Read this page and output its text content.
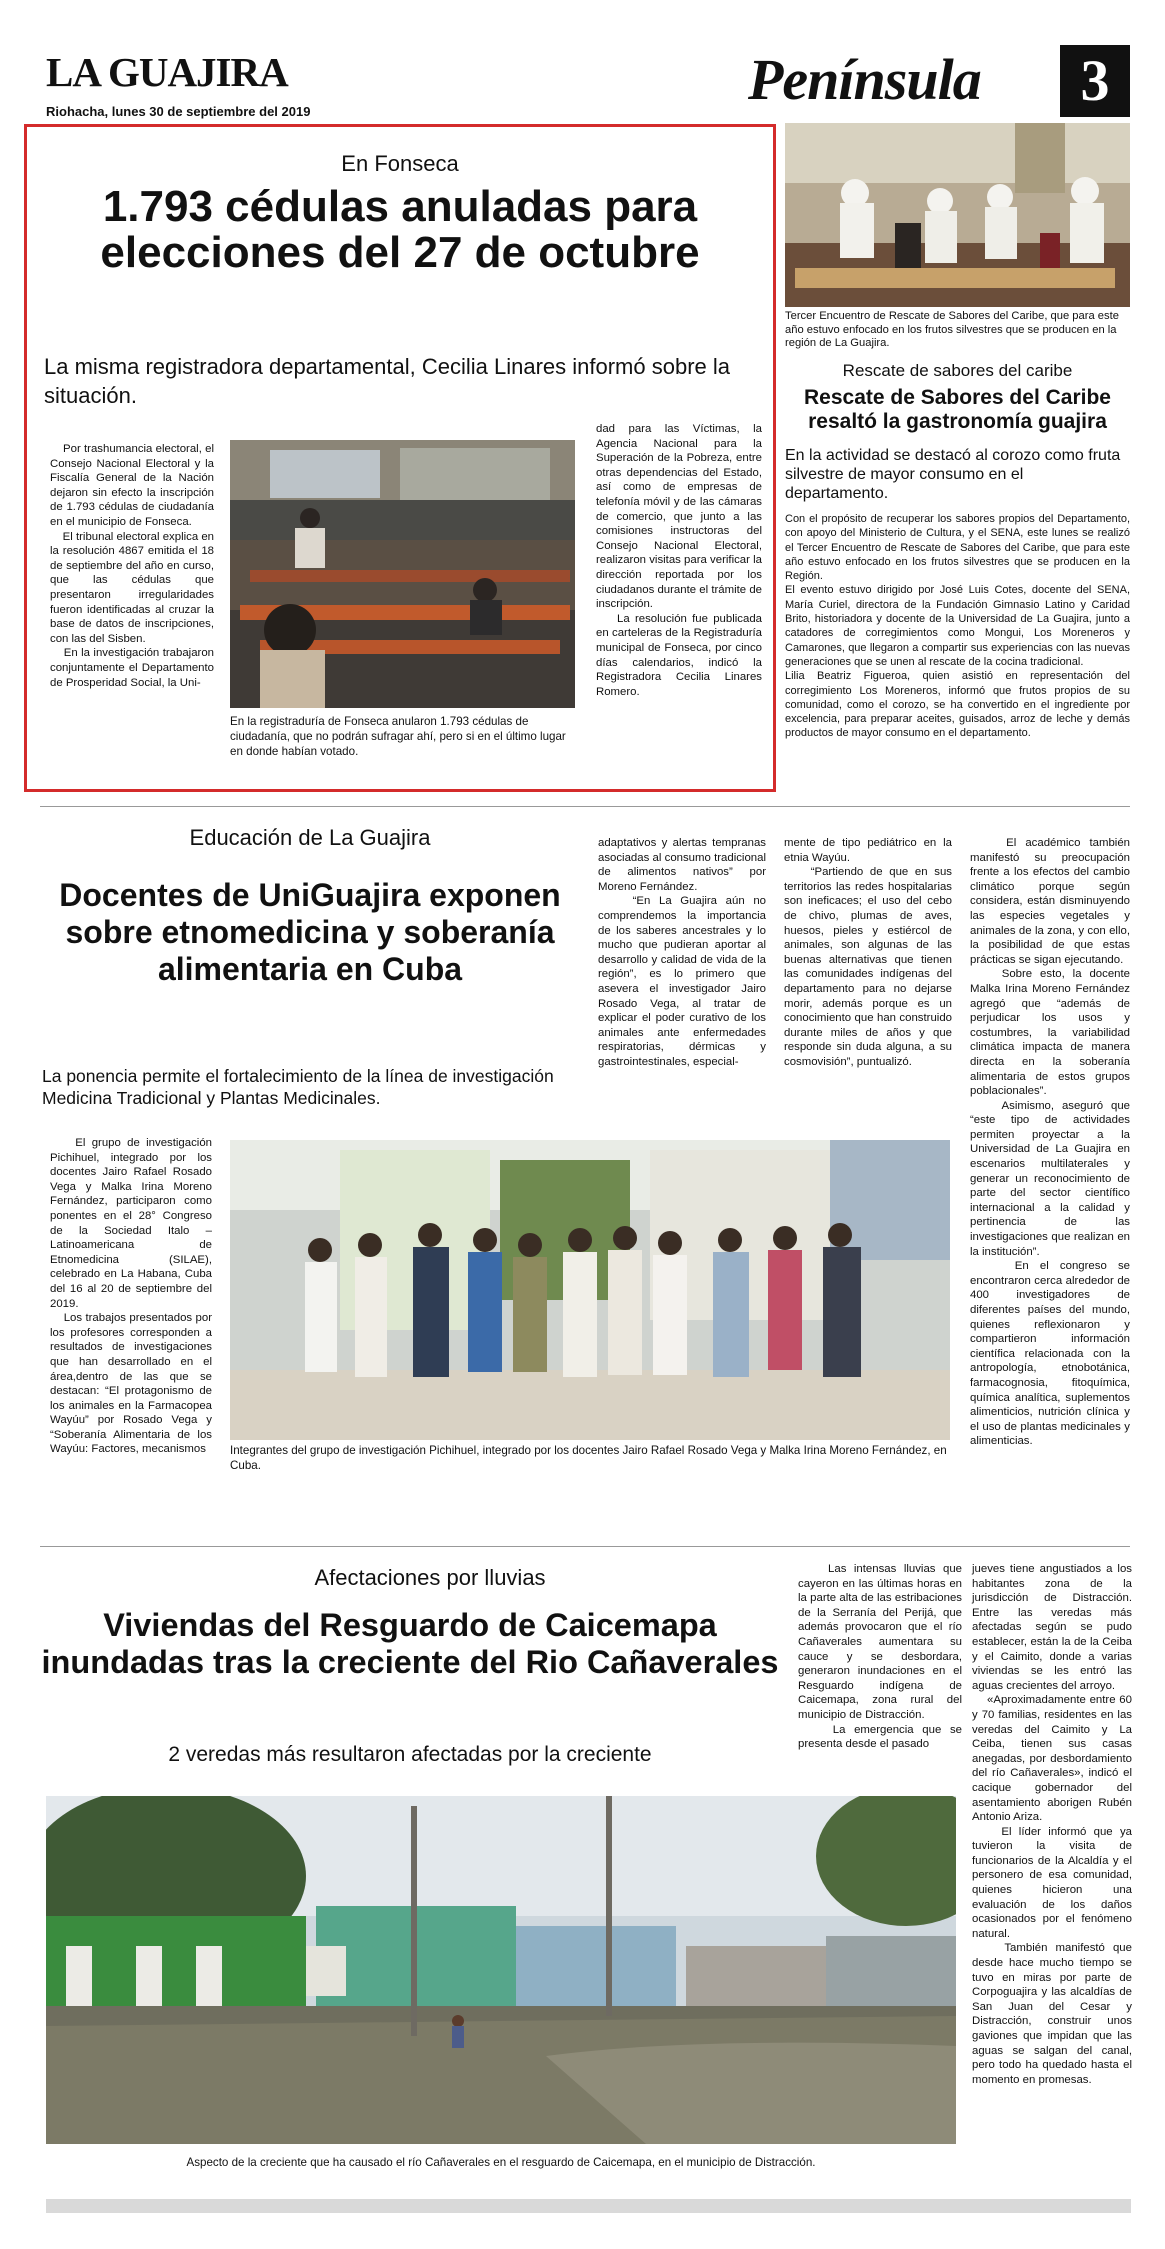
LA GUAJIRA
Riohacha, lunes 30 de septiembre del 2019	Península	3
En Fonseca
1.793 cédulas anuladas para elecciones del 27 de octubre
La misma registradora departamental, Cecilia Linares informó sobre la situación.
Por trashumancia electoral, el Consejo Nacional Electoral y la Fiscalía General de la Nación dejaron sin efecto la inscripción de 1.793 cédulas de ciudadanía en el municipio de Fonseca.
El tribunal electoral explica en la resolución 4867 emitida el 18 de septiembre del año en curso, que las cédulas que presentaron irregularidades fueron identificadas al cruzar la base de datos de inscripciones, con las del Sisben.
En la investigación trabajaron conjuntamente el Departamento de Prosperidad Social, la Uni-
En la registraduría de Fonseca anularon 1.793 cédulas de ciudadanía, que no podrán sufragar ahí, pero si en el último lugar en donde habían votado.
dad para las Víctimas, la Agencia Nacional para la Superación de la Pobreza, entre otras dependencias del Estado, así como de empresas de telefonía móvil y de las cámaras de comercio, que junto a las comisiones instructoras del Consejo Nacional Electoral, realizaron visitas para verificar la dirección reportada por los ciudadanos durante el trámite de inscripción.
La resolución fue publicada en carteleras de la Registraduría municipal de Fonseca, por cinco días calendarios, indicó la Registradora Cecilia Linares Romero.
Tercer Encuentro de Rescate de Sabores del Caribe, que para este año estuvo enfocado en los frutos silvestres que se producen en la región de La Guajira.
Rescate de sabores del caribe
Rescate de Sabores del Caribe resaltó la gastronomía guajira
En la actividad se destacó al corozo como fruta silvestre de mayor consumo en el departamento.
Con el propósito de recuperar los sabores propios del Departamento, con apoyo del Ministerio de Cultura, y el SENA, este lunes se realizó el Tercer Encuentro de Rescate de Sabores del Caribe, que para este año estuvo enfocado en los frutos silvestres que se producen en la Región.
El evento estuvo dirigido por José Luis Cotes, docente del SENA, María Curiel, directora de la Fundación Gimnasio Latino y Caridad Brito, historiadora y docente de la Universidad de La Guajira, junto a catadores de corregimientos como Mongui, Los Moreneros y Camarones, que llegaron a compartir sus experiencias con las nuevas generaciones que se unen al rescate de la cocina tradicional.
Lilia Beatriz Figueroa, quien asistió en representación del corregimiento Los Moreneros, informó que frutos propios de su comunidad, como el corozo, se ha convertido en el ingrediente por excelencia, para preparar aceites, guisados, arroz de leche y demás productos de mayor consumo en el departamento.
Educación de La Guajira
Docentes de UniGuajira exponen sobre etnomedicina y soberanía alimentaria en Cuba
La ponencia permite el fortalecimiento de la línea de investigación Medicina Tradicional y Plantas Medicinales.
El grupo de investigación Pichihuel, integrado por los docentes Jairo Rafael Rosado Vega y Malka Irina Moreno Fernández, participaron como ponentes en el 28° Congreso de la Sociedad Italo – Latinoamericana de Etnomedicina (SILAE), celebrado en La Habana, Cuba del 16 al 20 de septiembre del 2019.
Los trabajos presentados por los profesores corresponden a resultados de investigaciones que han desarrollado en el área,dentro de las que se destacan: “El protagonismo de los animales en la Farmacopea Wayúu” por Rosado Vega y “Soberanía Alimentaria de los Wayúu: Factores, mecanismos
adaptativos y alertas tempranas asociadas al consumo tradicional de alimentos nativos” por Moreno Fernández.
“En La Guajira aún no comprendemos la importancia de los saberes ancestrales y lo mucho que pudieran aportar al desarrollo y calidad de vida de la región”, es lo primero que asevera el investigador Jairo Rosado Vega, al tratar de explicar el poder curativo de los animales ante enfermedades respiratorias, dérmicas y gastrointestinales, especial-
mente de tipo pediátrico en la etnia Wayúu.
“Partiendo de que en sus territorios las redes hospitalarias son ineficaces; el uso del cebo de chivo, plumas de aves, huesos, pieles y estiércol de animales, son algunas de las buenas alternativas que tienen las comunidades indígenas del departamento para no dejarse morir, además porque es un conocimiento que han construido durante miles de años y que responde sin duda alguna, a su cosmovisión”, puntualizó.
El académico también manifestó su preocupación frente a los efectos del cambio climático porque según considera, están disminuyendo las especies vegetales y animales de la zona, y con ello, la posibilidad de que estas prácticas se sigan ejecutando.
Sobre esto, la docente Malka Irina Moreno Fernández agregó que “además de perjudicar los usos y costumbres, la variabilidad climática impacta de manera directa en la soberanía alimentaria de estos grupos poblacionales”.
Asimismo, aseguró que “este tipo de actividades permiten proyectar a la Universidad de La Guajira en escenarios multilaterales y generar un reconocimiento de parte del sector científico internacional a la calidad y pertinencia de las investigaciones que realizan en la institución”.
En el congreso se encontraron cerca alrededor de 400 investigadores de diferentes países del mundo, quienes reflexionaron y compartieron información científica relacionada con la antropología, etnobotánica, farmacognosia, fitoquímica, química analítica, suplementos alimenticios, nutrición clínica y el uso de plantas medicinales y alimenticias.
Integrantes del grupo de investigación Pichihuel, integrado por los docentes Jairo Rafael Rosado Vega y Malka Irina Moreno Fernández, en Cuba.
Afectaciones por lluvias
Viviendas del Resguardo de Caicemapa inundadas tras la creciente del Rio Cañaverales
2 veredas más resultaron afectadas por la creciente
Las intensas lluvias que cayeron en las últimas horas en la parte alta de las estribaciones de la Serranía del Perijá, que además provocaron que el río Cañaverales aumentara su cauce y se desbordara, generaron inundaciones en el Resguardo indígena de Caicemapa, zona rural del municipio de Distracción.
La emergencia que se presenta desde el pasado
jueves tiene angustiados a los habitantes zona de la jurisdicción de Distracción. Entre las veredas más afectadas según se pudo establecer, están la de la Ceiba y el Caimito, donde a varias viviendas se les entró las aguas crecientes del arroyo.
«Aproximadamente entre 60 y 70 familias, residentes en las veredas del Caimito y La Ceiba, tienen sus casas anegadas, por desbordamiento del río Cañaverales», indicó el cacique gobernador del asentamiento aborigen Rubén Antonio Ariza.
El líder informó que ya tuvieron la visita de funcionarios de la Alcaldía y el personero de esa comunidad, quienes hicieron una evaluación de los daños ocasionados por el fenómeno natural.
También manifestó que desde hace mucho tiempo se tuvo en miras por parte de Corpoguajira y las alcaldías de San Juan del Cesar y Distracción, construir unos gaviones que impidan que las aguas se salgan del canal, pero todo ha quedado hasta el momento en promesas.
Aspecto de la creciente que ha causado el río Cañaverales en el resguardo de Caicemapa, en el municipio de Distracción.
